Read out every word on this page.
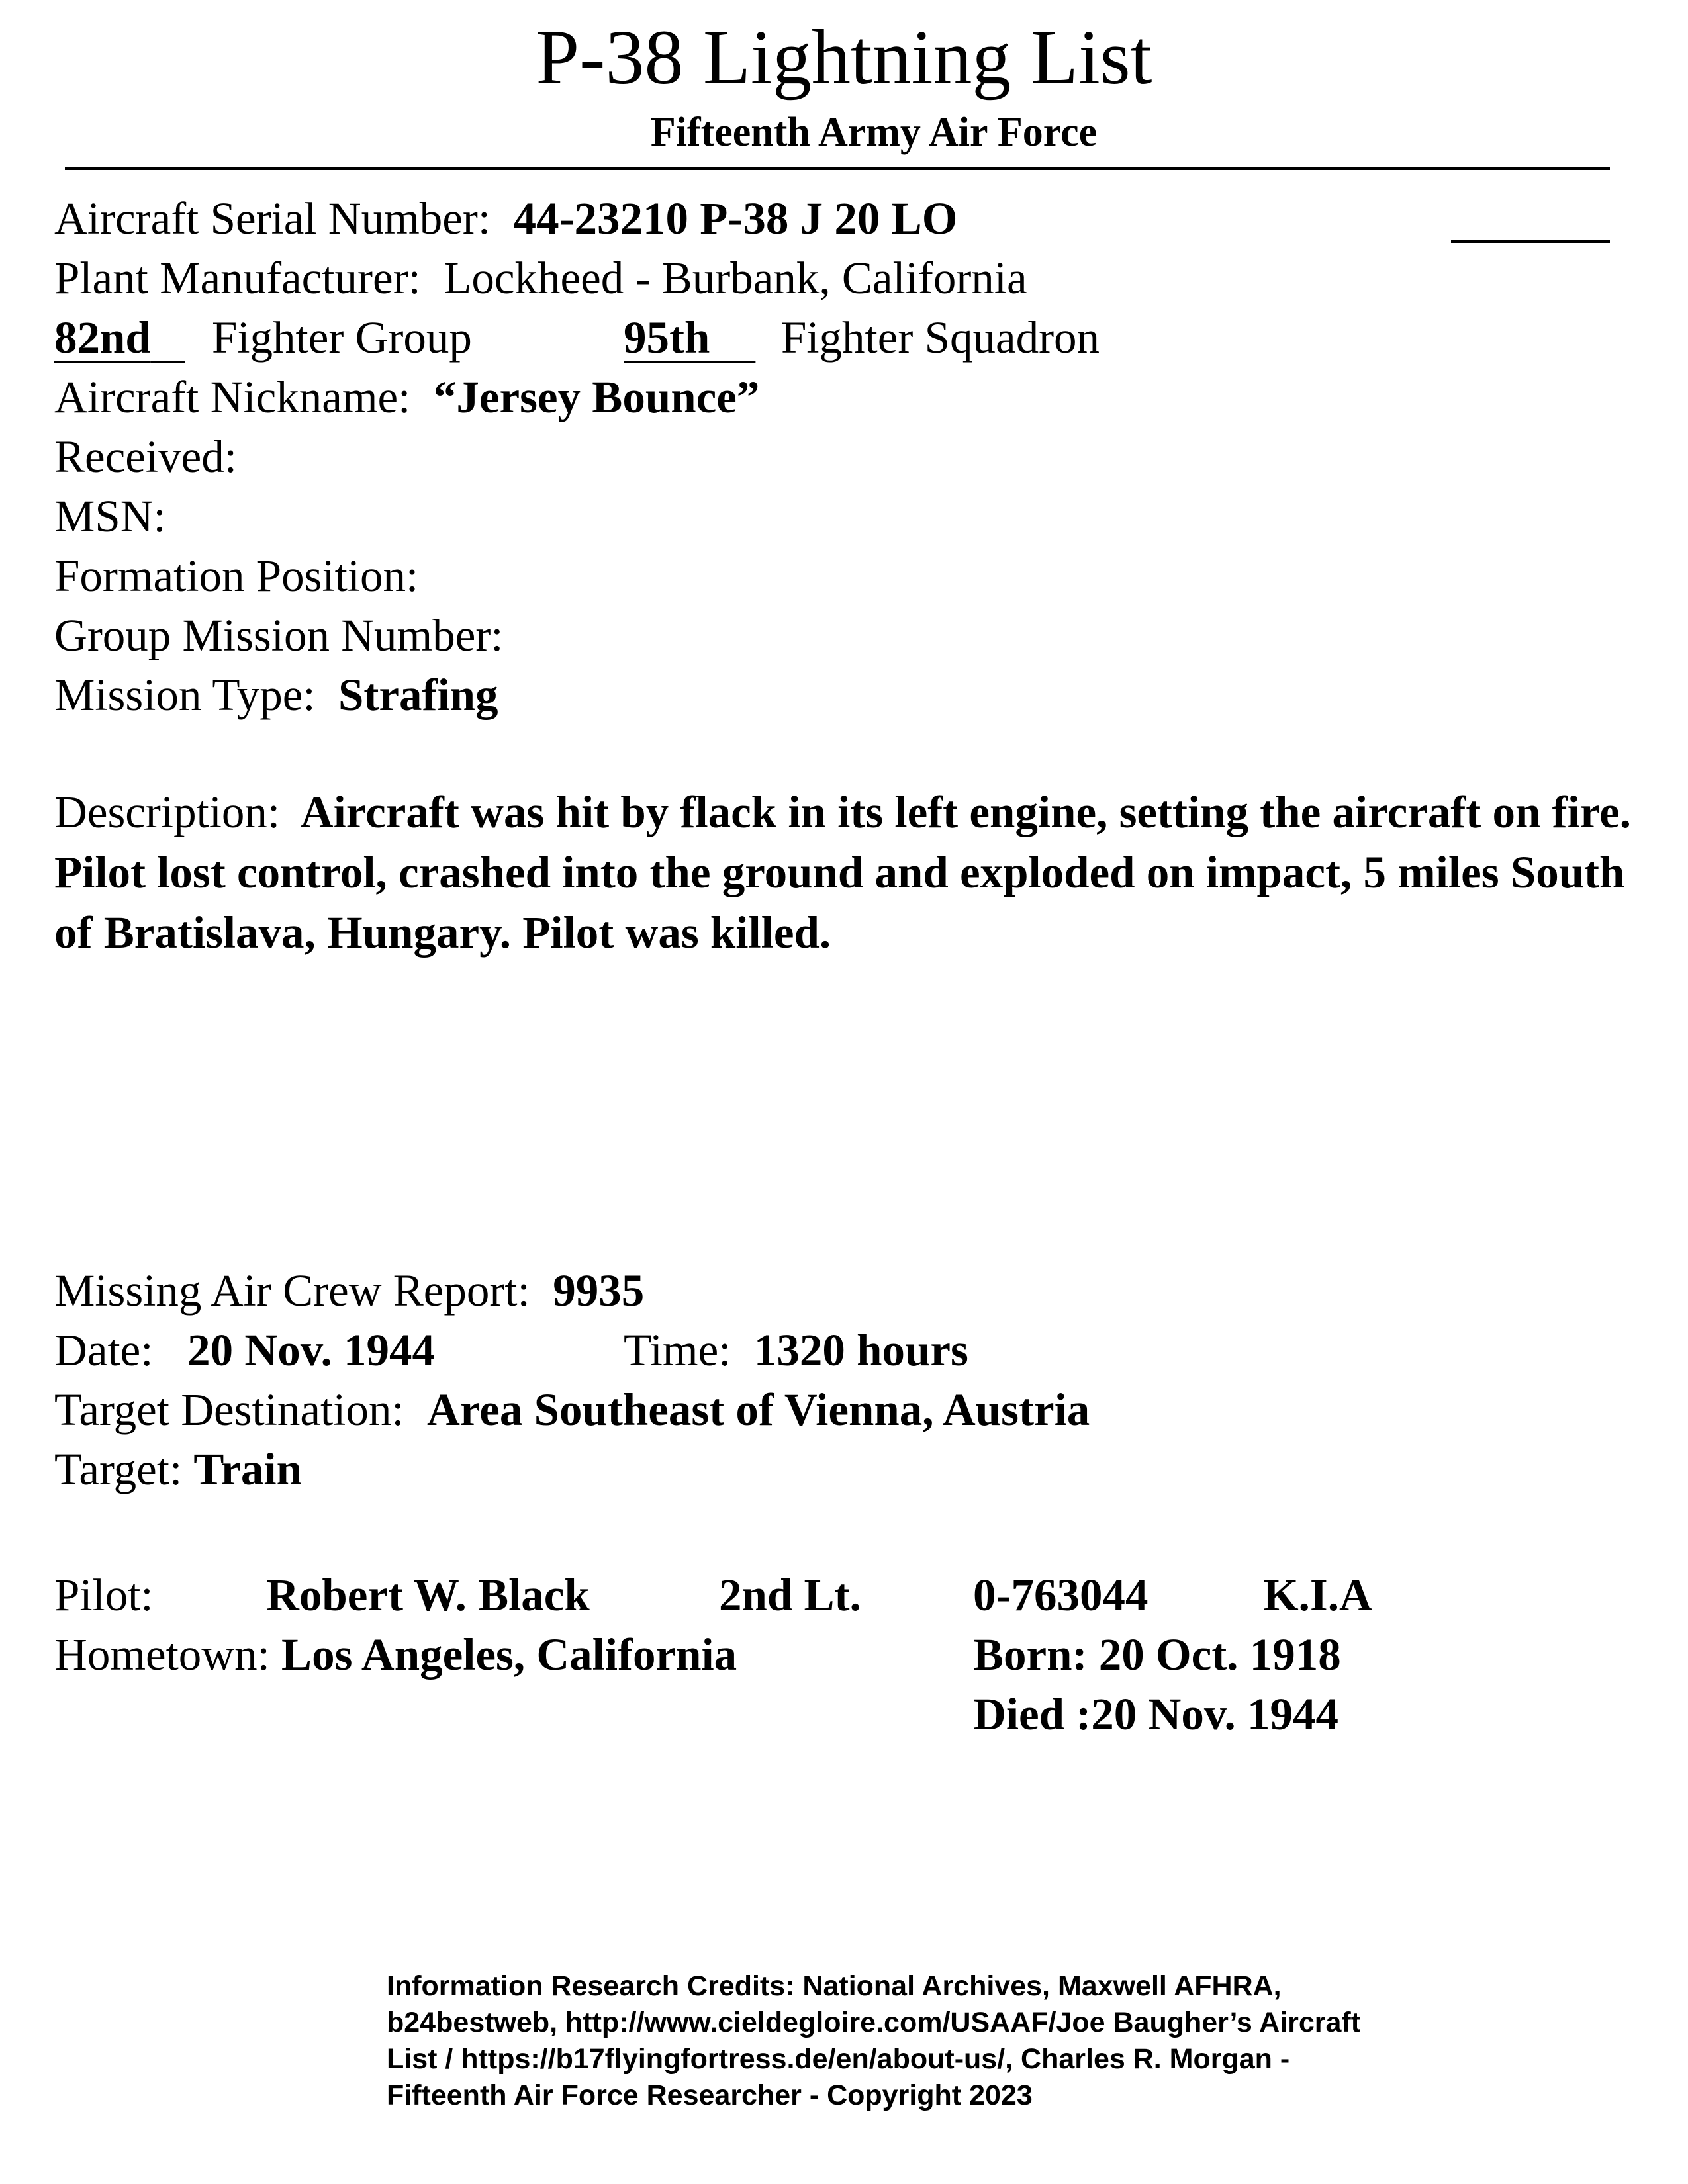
P-38 Lightning List
Fifteenth Army Air Force
Aircraft Serial Number: 44-23210 P-38 J 20 LO
Plant Manufacturer: Lockheed - Burbank, California
82nd	Fighter Group	95th	Fighter Squadron
Aircraft Nickname: “Jersey Bounce”
Received:
MSN:
Formation Position:
Group Mission Number:
Mission Type: Strafing
Description: Aircraft was hit by flack in its left engine, setting the aircraft on fire. Pilot lost control, crashed into the ground and exploded on impact, 5 miles South of Bratislava, Hungary. Pilot was killed.
Missing Air Crew Report: 9935
Date: 20 Nov. 1944	Time: 1320 hours
Target Destination: Area Southeast of Vienna, Austria
Target: Train
Pilot: Robert W. Black	2nd Lt. 0-763044	K.I.A
Hometown: Los Angeles, California	Born: 20 Oct. 1918
Died :20 Nov. 1944
Information Research Credits: National Archives, Maxwell AFHRA, b24bestweb, http://www.cieldegloire.com/USAAF/Joe Baugher’s Aircraft List / https://b17flyingfortress.de/en/about-us/, Charles R. Morgan - Fifteenth Air Force Researcher - Copyright 2023
